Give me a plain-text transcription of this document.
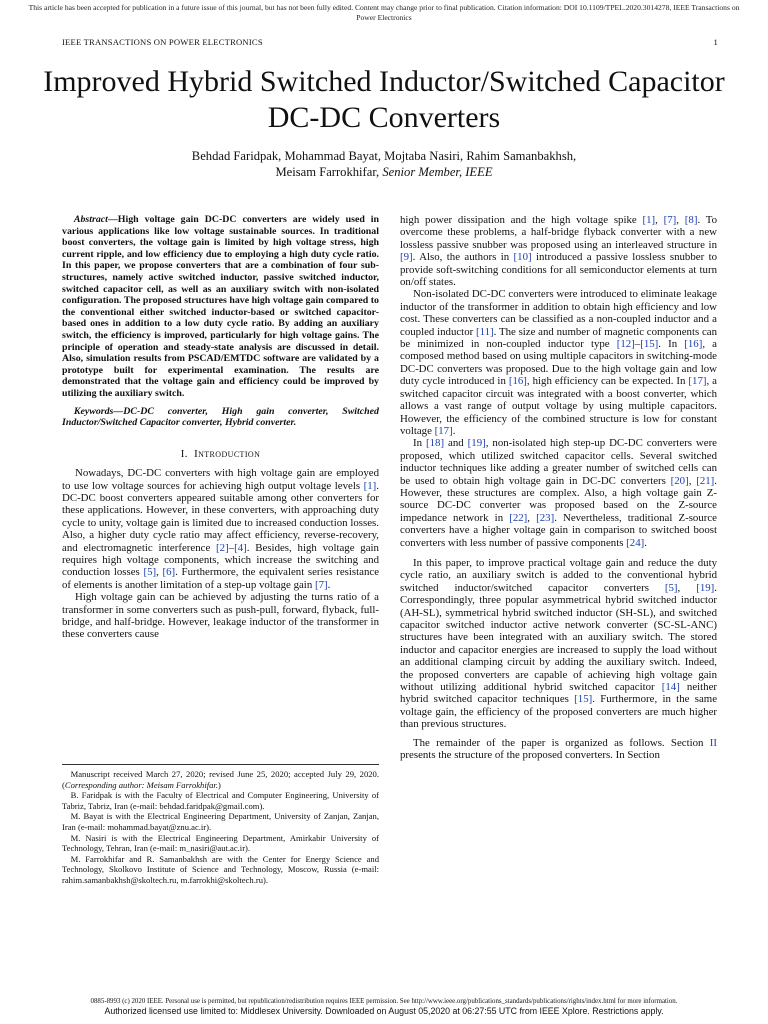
This article has been accepted for publication in a future issue of this journal, but has not been fully edited. Content may change prior to final publication. Citation information: DOI 10.1109/TPEL.2020.3014278, IEEE Transactions on Power Electronics
IEEE TRANSACTIONS ON POWER ELECTRONICS	1
Improved Hybrid Switched Inductor/Switched Capacitor DC-DC Converters
Behdad Faridpak, Mohammad Bayat, Mojtaba Nasiri, Rahim Samanbakhsh,
Meisam Farrokhifar, Senior Member, IEEE

Abstract—High voltage gain DC-DC converters are widely used in various applications like low voltage sustainable sources. In traditional boost converters, the voltage gain is limited by high voltage stress, high current ripple, and low efficiency due to employing a high duty cycle ratio. In this paper, we propose converters that are a combination of four sub-structures, namely active switched inductor, passive switched inductor, switched capacitor cell, as well as an auxiliary switch with non-isolated configuration. The proposed structures have high voltage gain compared to the conventional either switched inductor-based or switched capacitor-based ones in addition to a low duty cycle ratio. By adding an auxiliary switch, the efficiency is improved, particularly for high voltage gains. The principle of operation and steady-state analysis are discussed in detail. Also, simulation results from PSCAD/EMTDC software are validated by a prototype built for experimental examination. The results are demonstrated that the voltage gain and efficiency could be improved by utilizing the auxiliary switch.

Keywords—DC-DC converter, High gain converter, Switched Inductor/Switched Capacitor converter, Hybrid converter.

I. Introduction

Nowadays, DC-DC converters with high voltage gain are employed to use low voltage sources for achieving high output voltage levels [1]. DC-DC boost converters appeared suitable among other converters for these applications. However, in these converters, with approaching duty cycle to unity, voltage gain is limited due to increased conduction losses. Also, a higher duty cycle ratio may affect efficiency, reverse-recovery, and electromagnetic interference [2]–[4]. Besides, high voltage gain requires high voltage components, which increase the switching and conduction losses [5], [6]. Furthermore, the equivalent series resistance of elements is another limitation of a step-up voltage gain [7].

High voltage gain can be achieved by adjusting the turns ratio of a transformer in some converters such as push-pull, forward, flyback, full-bridge, and half-bridge. However, leakage inductor of the transformer in these converters cause

high power dissipation and the high voltage spike [1], [7], [8]. To overcome these problems, a half-bridge flyback converter with a new lossless passive snubber was proposed using an interleaved structure in [9]. Also, the authors in [10] introduced a passive lossless snubber to provide soft-switching conditions for all semiconductor elements at turn on/off states.

Non-isolated DC-DC converters were introduced to eliminate leakage inductor of the transformer in addition to obtain high efficiency and low cost. These converters can be classified as a non-coupled inductor and a coupled inductor [11]. The size and number of magnetic components can be minimized in non-coupled inductor type [12]–[15]. In [16], a composed method based on using multiple capacitors in switching-mode DC-DC converters was proposed. Due to the high voltage gain and low duty cycle introduced in [16], high efficiency can be expected. In [17], a switched capacitor circuit was integrated with a boost converter, which allows a vast range of output voltage by using multiple capacitors. However, the efficiency of the combined structure is low for constant voltage [17].

In [18] and [19], non-isolated high step-up DC-DC converters were proposed, which utilized switched capacitor cells. Several switched inductor techniques like adding a greater number of switched cells can be used to obtain high voltage gain in DC-DC converters [20], [21]. However, these structures are complex. Also, a high voltage gain Z-source DC-DC converter was proposed based on the Z-source impedance network in [22], [23]. Nevertheless, traditional Z-source converters have a higher voltage gain in comparison to switched boost converters with less number of passive components [24].

In this paper, to improve practical voltage gain and reduce the duty cycle ratio, an auxiliary switch is added to the conventional hybrid switched inductor/switched capacitor converters [5], [19]. Correspondingly, three popular asymmetrical hybrid switched inductor (AH-SL), symmetrical hybrid switched inductor (SH-SL), and switched capacitor switched inductor active network converter (SC-SL-ANC) structures have been integrated with an auxiliary switch. The stored inductor and capacitor energies are increased to supply the load without an additional clamping circuit by adding the auxiliary switch. Indeed, the proposed converters are capable of achieving high voltage gain without utilizing additional hybrid switched capacitor [14] neither hybrid switched capacitor techniques [15]. Furthermore, in the same voltage gain, the efficiency of the proposed converters are much higher than previous structures.

The remainder of the paper is organized as follows. Section II presents the structure of the proposed converters. In Section

Manuscript received March 27, 2020; revised June 25, 2020; accepted July 29, 2020. (Corresponding author: Meisam Farrokhifar.)

B. Faridpak is with the Faculty of Electrical and Computer Engineering, University of Tabriz, Tabriz, Iran (e-mail: behdad.faridpak@gmail.com).

M. Bayat is with the Electrical Engineering Department, University of Zanjan, Zanjan, Iran (e-mail: mohammad.bayat@znu.ac.ir).

M. Nasiri is with the Electrical Engineering Department, Amirkabir University of Technology, Tehran, Iran (e-mail: m_nasiri@aut.ac.ir).

M. Farrokhifar and R. Samanbakhsh are with the Center for Energy Science and Technology, Skolkovo Institute of Science and Technology, Moscow, Russia (e-mail: rahim.samanbakhsh@skoltech.ru, m.farrokhi@skoltech.ru).

0885-8993 (c) 2020 IEEE. Personal use is permitted, but republication/redistribution requires IEEE permission. See http://www.ieee.org/publications_standards/publications/rights/index.html for more information.
Authorized licensed use limited to: Middlesex University. Downloaded on August 05,2020 at 06:27:55 UTC from IEEE Xplore. Restrictions apply.
